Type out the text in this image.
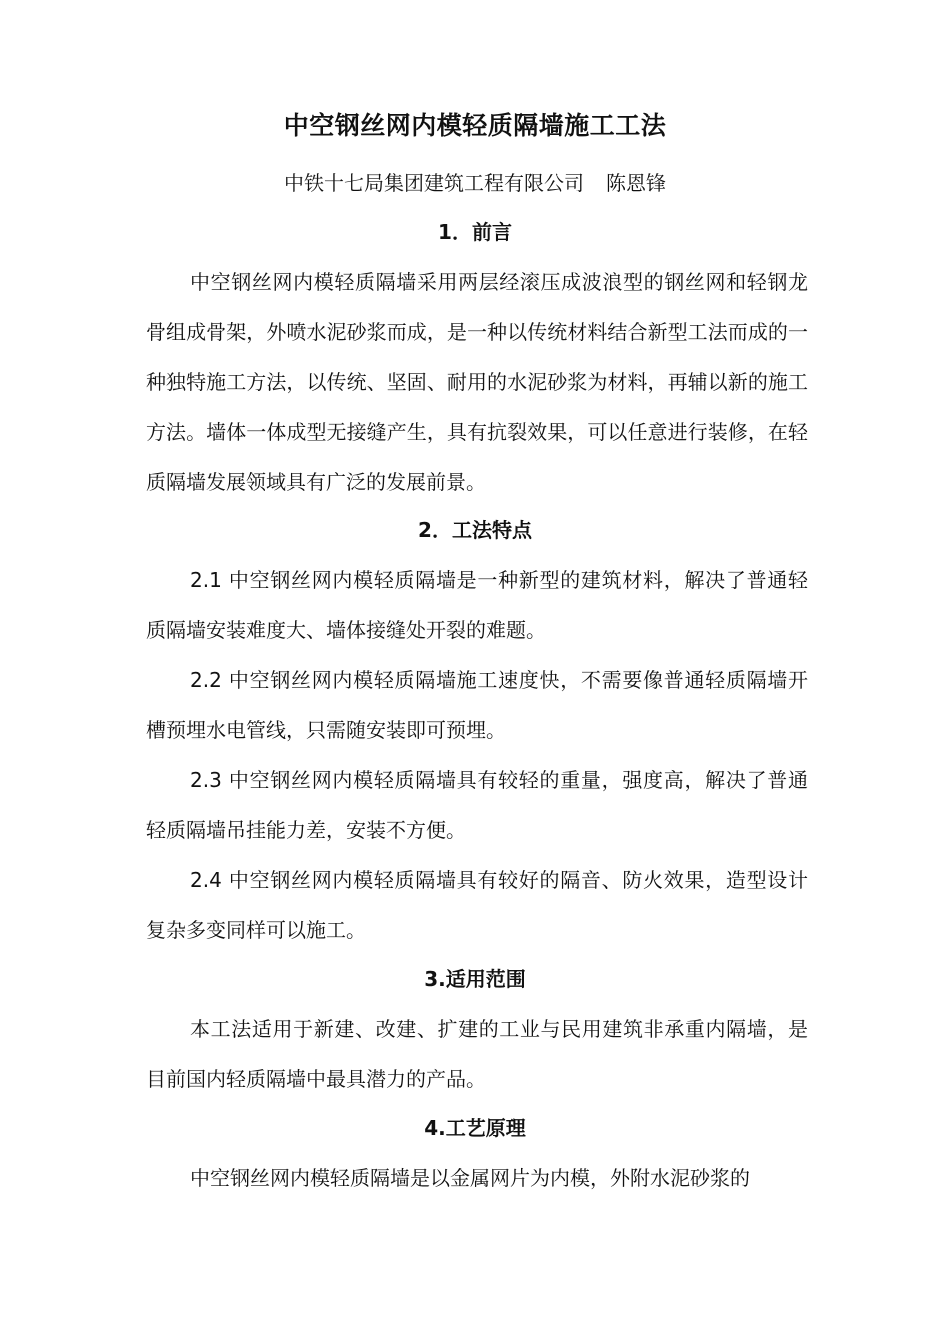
中空钢丝网内模轻质隔墙施工工法
中铁十七局集团建筑工程有限公司 陈恩锋
1．前言

中空钢丝网内模轻质隔墙采用两层经滚压成波浪型的钢丝网和轻钢龙骨组成骨架，外喷水泥砂浆而成，是一种以传统材料结合新型工法而成的一种独特施工方法，以传统、坚固、耐用的水泥砂浆为材料，再辅以新的施工方法。墙体一体成型无接缝产生，具有抗裂效果，可以任意进行装修，在轻质隔墙发展领域具有广泛的发展前景。

2．工法特点

2.1 中空钢丝网内模轻质隔墙是一种新型的建筑材料，解决了普通轻质隔墙安装难度大、墙体接缝处开裂的难题。

2.2 中空钢丝网内模轻质隔墙施工速度快，不需要像普通轻质隔墙开槽预埋水电管线，只需随安装即可预埋。

2.3 中空钢丝网内模轻质隔墙具有较轻的重量，强度高，解决了普通轻质隔墙吊挂能力差，安装不方便。

2.4 中空钢丝网内模轻质隔墙具有较好的隔音、防火效果，造型设计复杂多变同样可以施工。

3.适用范围

本工法适用于新建、改建、扩建的工业与民用建筑非承重内隔墙，是目前国内轻质隔墙中最具潜力的产品。

4.工艺原理

中空钢丝网内模轻质隔墙是以金属网片为内模，外附水泥砂浆的
